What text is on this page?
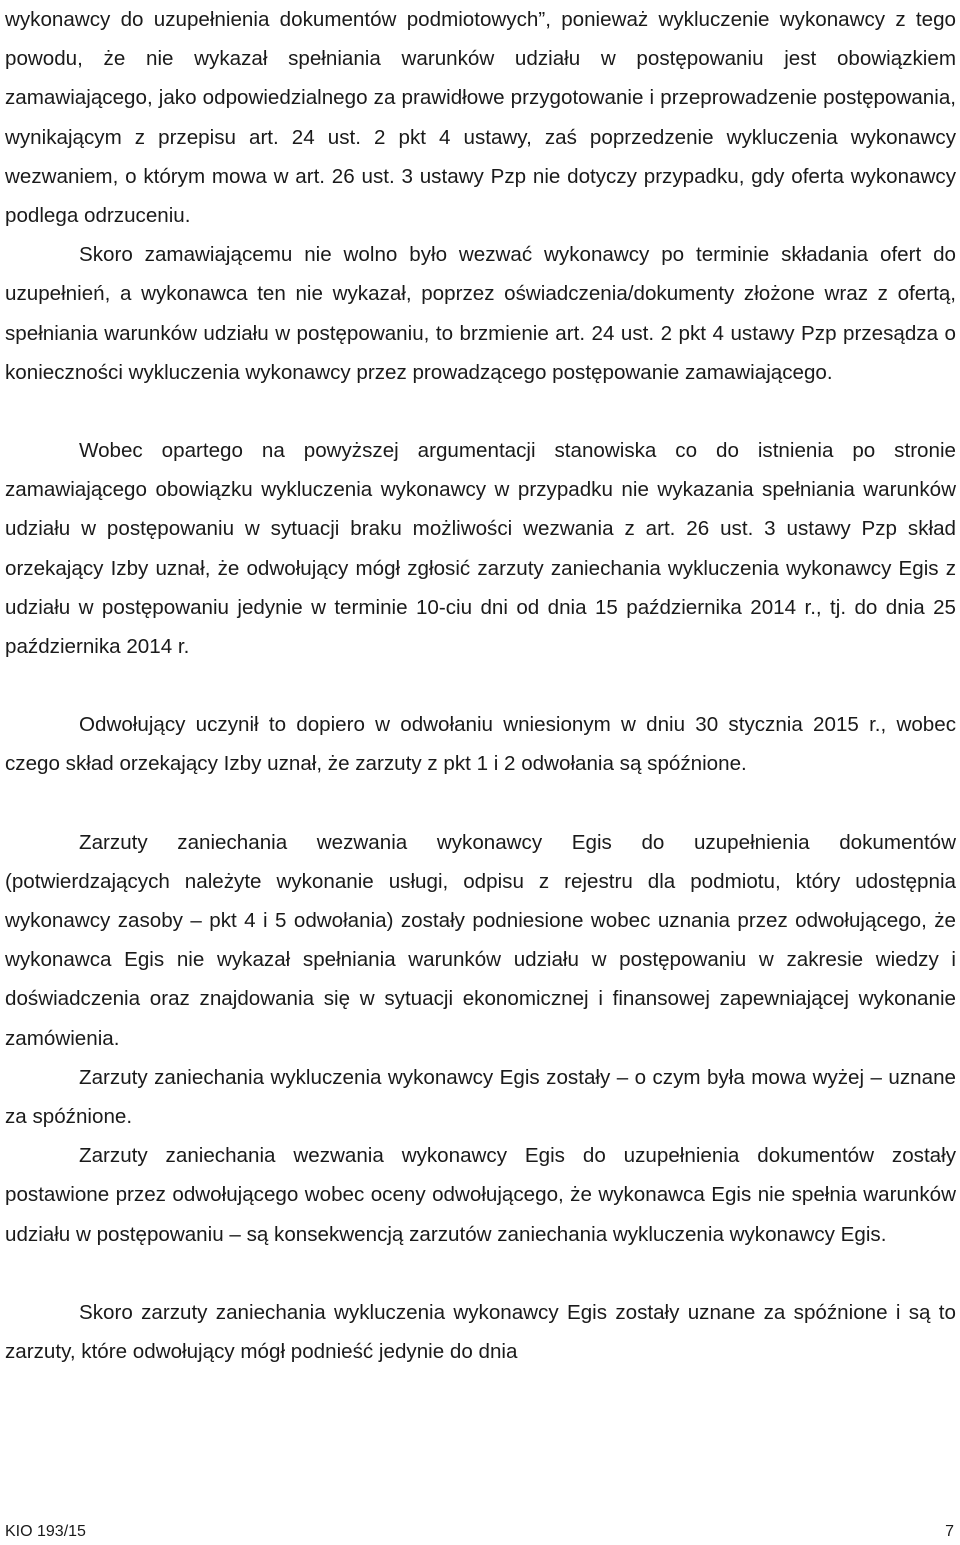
wykonawcy do uzupełnienia dokumentów podmiotowych”, ponieważ wykluczenie wykonawcy z tego powodu, że nie wykazał spełniania warunków udziału w postępowaniu jest obowiązkiem zamawiającego, jako odpowiedzialnego za prawidłowe przygotowanie i przeprowadzenie postępowania, wynikającym z przepisu art. 24 ust. 2 pkt 4 ustawy, zaś poprzedzenie wykluczenia wykonawcy wezwaniem, o którym mowa w art. 26 ust. 3 ustawy Pzp nie dotyczy przypadku, gdy oferta wykonawcy podlega odrzuceniu.

Skoro zamawiającemu nie wolno było wezwać wykonawcy po terminie składania ofert do uzupełnień, a wykonawca ten nie wykazał, poprzez oświadczenia/dokumenty złożone wraz z ofertą, spełniania warunków udziału w postępowaniu, to brzmienie art. 24 ust. 2 pkt 4 ustawy Pzp przesądza o konieczności wykluczenia wykonawcy przez prowadzącego postępowanie zamawiającego.

Wobec opartego na powyższej argumentacji stanowiska co do istnienia po stronie zamawiającego obowiązku wykluczenia wykonawcy w przypadku nie wykazania spełniania warunków udziału w postępowaniu w sytuacji braku możliwości wezwania z art. 26 ust. 3 ustawy Pzp skład orzekający Izby uznał, że odwołujący mógł zgłosić zarzuty zaniechania wykluczenia wykonawcy Egis z udziału w postępowaniu jedynie w terminie 10-ciu dni od dnia 15 października 2014 r., tj. do dnia 25 października 2014 r.

Odwołujący uczynił to dopiero w odwołaniu wniesionym w dniu 30 stycznia 2015 r., wobec czego skład orzekający Izby uznał, że zarzuty z pkt 1 i 2 odwołania są spóźnione.

Zarzuty zaniechania wezwania wykonawcy Egis do uzupełnienia dokumentów (potwierdzających należyte wykonanie usługi, odpisu z rejestru dla podmiotu, który udostępnia wykonawcy zasoby – pkt 4 i 5 odwołania) zostały podniesione wobec uznania przez odwołującego, że wykonawca Egis nie wykazał spełniania warunków udziału w postępowaniu w zakresie wiedzy i doświadczenia oraz znajdowania się w sytuacji ekonomicznej i finansowej zapewniającej wykonanie zamówienia.

Zarzuty zaniechania wykluczenia wykonawcy Egis zostały – o czym była mowa wyżej – uznane za spóźnione.

Zarzuty zaniechania wezwania wykonawcy Egis do uzupełnienia dokumentów zostały postawione przez odwołującego wobec oceny odwołującego, że wykonawca Egis nie spełnia warunków udziału w postępowaniu – są konsekwencją zarzutów zaniechania wykluczenia wykonawcy Egis.

Skoro zarzuty zaniechania wykluczenia wykonawcy Egis zostały uznane za spóźnione i są to zarzuty, które odwołujący mógł podnieść jedynie do dnia

KIO 193/15	7
